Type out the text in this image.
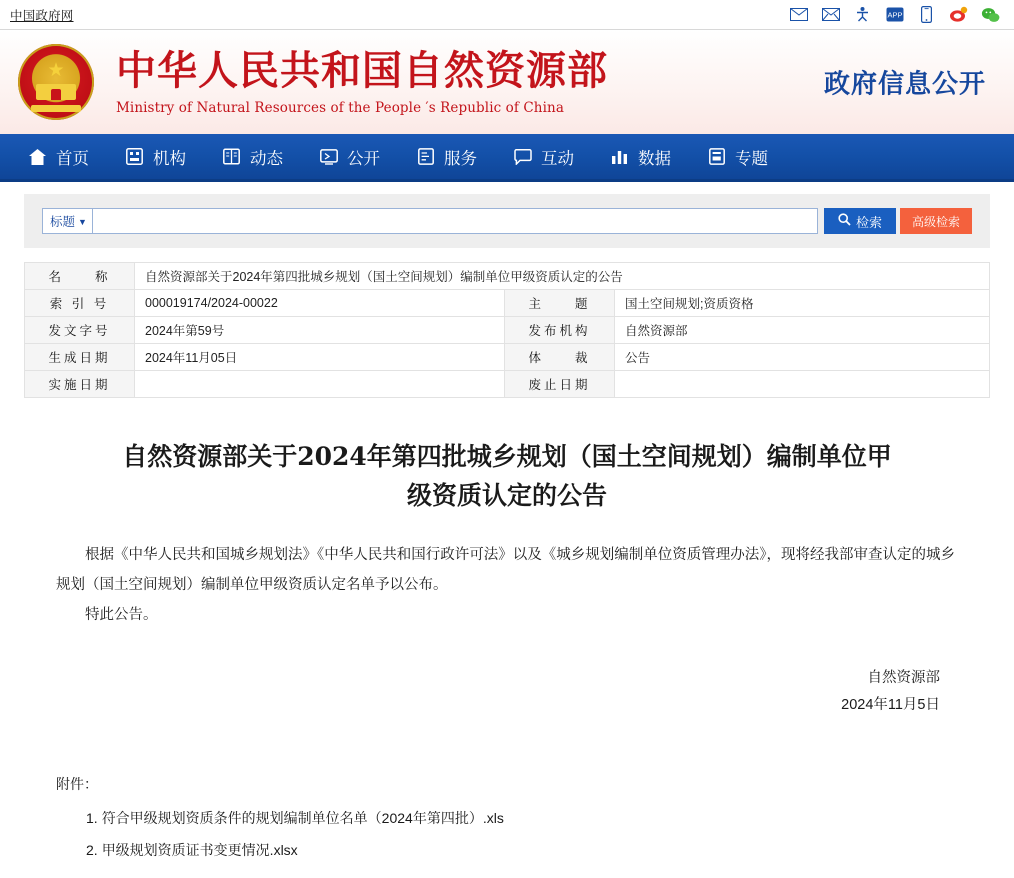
中国政府网	APP
★ 中华人民共和国自然资源部
Ministry of Natural Resources of the People ′s Republic of China
政府信息公开
首页	机构	动态	公开	服务	互动	数据	专题
标题 ▼	检索	高级检索
名　　称	自然资源部关于2024年第四批城乡规划（国土空间规划）编制单位甲级资质认定的公告		
索 引 号	000019174/2024-00022	主　　题	国土空间规划;资质资格
发文字号	2024年第59号	发布机构	自然资源部
生成日期	2024年11月05日	体　　裁	公告
实施日期		废止日期	
自然资源部关于2024年第四批城乡规划（国土空间规划）编制单位甲级资质认定的公告

根据《中华人民共和国城乡规划法》《中华人民共和国行政许可法》以及《城乡规划编制单位资质管理办法》，现将经我部审查认定的城乡规划（国土空间规划）编制单位甲级资质认定名单予以公布。

特此公告。

自然资源部
2024年11月5日
附件：
1. 符合甲级规划资质条件的规划编制单位名单（2024年第四批）.xls
2. 甲级规划资质证书变更情况.xlsx
